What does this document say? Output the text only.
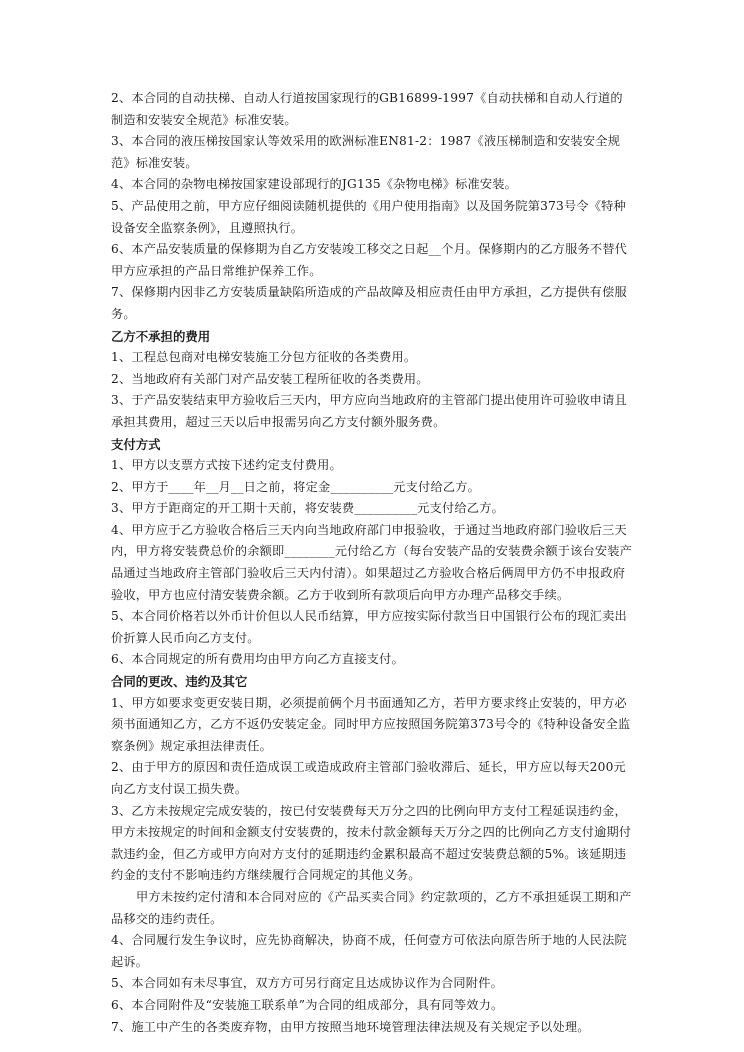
2、本合同的自动扶梯、自动人行道按国家现行的GB16899-1997《自动扶梯和自动人行道的制造和安装安全规范》标准安装。

3、本合同的液压梯按国家认等效采用的欧洲标准EN81-2：1987《液压梯制造和安装安全规范》标准安装。

4、本合同的杂物电梯按国家建设部现行的JG135《杂物电梯》标准安装。

5、产品使用之前，甲方应仔细阅读随机提供的《用户使用指南》以及国务院第373号令《特种设备安全监察条例》，且遵照执行。

6、本产品安装质量的保修期为自乙方安装竣工移交之日起__个月。保修期内的乙方服务不替代甲方应承担的产品日常维护保养工作。

7、保修期内因非乙方安装质量缺陷所造成的产品故障及相应责任由甲方承担，乙方提供有偿服务。

乙方不承担的费用

1、工程总包商对电梯安装施工分包方征收的各类费用。

2、当地政府有关部门对产品安装工程所征收的各类费用。

3、于产品安装结束甲方验收后三天内，甲方应向当地政府的主管部门提出使用许可验收申请且承担其费用，超过三天以后申报需另向乙方支付额外服务费。

支付方式

1、甲方以支票方式按下述约定支付费用。

2、甲方于____年__月__日之前，将定金__________元支付给乙方。

3、甲方于距商定的开工期十天前，将安装费__________元支付给乙方。

4、甲方应于乙方验收合格后三天内向当地政府部门申报验收，于通过当地政府部门验收后三天内，甲方将安装费总价的余额即________元付给乙方（每台安装产品的安装费余额于该台安装产品通过当地政府主管部门验收后三天内付清）。如果超过乙方验收合格后俩周甲方仍不申报政府验收，甲方也应付清安装费余额。乙方于收到所有款项后向甲方办理产品移交手续。

5、本合同价格若以外币计价但以人民币结算，甲方应按实际付款当日中国银行公布的现汇卖出价折算人民币向乙方支付。

6、本合同规定的所有费用均由甲方向乙方直接支付。

合同的更改、违约及其它

1、甲方如要求变更安装日期，必须提前俩个月书面通知乙方，若甲方要求终止安装的，甲方必须书面通知乙方，乙方不返仍安装定金。同时甲方应按照国务院第373号令的《特种设备安全监察条例》规定承担法律责任。

2、由于甲方的原因和责任造成误工或造成政府主管部门验收滞后、延长，甲方应以每天200元向乙方支付误工损失费。

3、乙方未按规定完成安装的，按已付安装费每天万分之四的比例向甲方支付工程延误违约金，甲方未按规定的时间和金额支付安装费的，按未付款金额每天万分之四的比例向乙方支付逾期付款违约金，但乙方或甲方向对方支付的延期违约金累积最高不超过安装费总额的5%。该延期违约金的支付不影响违约方继续履行合同规定的其他义务。

甲方未按约定付清和本合同对应的《产品买卖合同》约定款项的，乙方不承担延误工期和产品移交的违约责任。

4、合同履行发生争议时，应先协商解决，协商不成，任何壹方可依法向原告所于地的人民法院起诉。

5、本合同如有未尽事宜，双方方可另行商定且达成协议作为合同附件。

6、本合同附件及“安装施工联系单”为合同的组成部分，具有同等效力。

7、施工中产生的各类废弃物，由甲方按照当地环境管理法律法规及有关规定予以处理。
